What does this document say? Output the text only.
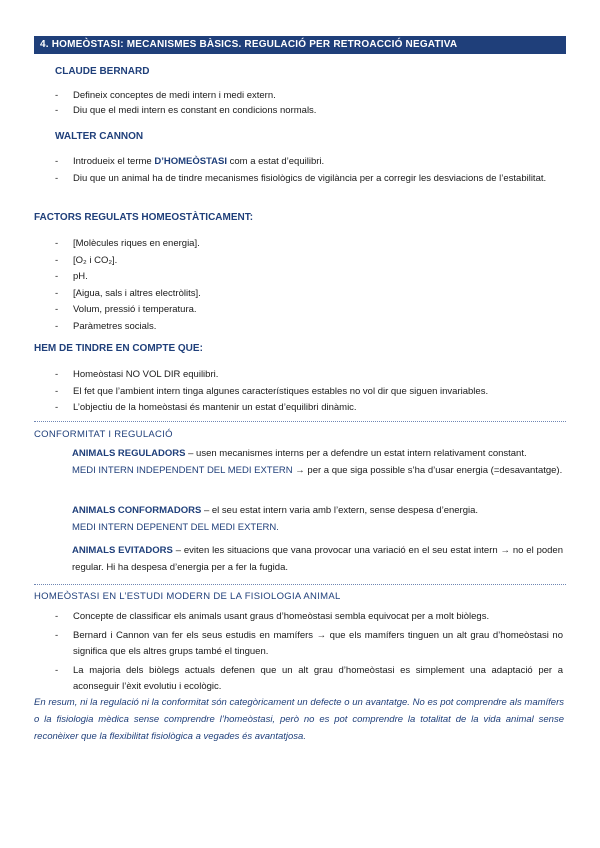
4. HOMEÒSTASI: MECANISMES BÀSICS. REGULACIÓ PER RETROACCIÓ NEGATIVA
CLAUDE BERNARD
- Defineix conceptes de medi intern i medi extern.
- Diu que el medi intern es constant en condicions normals.
WALTER CANNON
- Introdueix el terme D’HOMEÒSTASI com a estat d’equilibri.
- Diu que un animal ha de tindre mecanismes fisiològics de vigilància per a corregir les desviacions de l’estabilitat.
FACTORS REGULATS HOMEOSTÀTICAMENT:
- [Molècules riques en energia].
- [O₂ i CO₂].
- pH.
- [Aigua, sals i altres electròlits].
- Volum, pressió i temperatura.
- Paràmetres socials.
HEM DE TINDRE EN COMPTE QUE:
- Homeòstasi NO VOL DIR equilibri.
- El fet que l’ambient intern tinga algunes característiques estables no vol dir que siguen invariables.
- L’objectiu de la homeòstasi és mantenir un estat d’equilibri dinàmic.
CONFORMITAT I REGULACIÓ
ANIMALS REGULADORS – usen mecanismes interns per a defendre un estat intern relativament constant.
MEDI INTERN INDEPENDENT DEL MEDI EXTERN → per a que siga possible s’ha d’usar energia (=desavantatge).
ANIMALS CONFORMADORS – el seu estat intern varia amb l’extern, sense despesa d’energia.
MEDI INTERN DEPENENT DEL MEDI EXTERN.
ANIMALS EVITADORS – eviten les situacions que vana provocar una variació en el seu estat intern → no el poden regular. Hi ha despesa d’energia per a fer la fugida.
HOMEÒSTASI EN L’ESTUDI MODERN DE LA FISIOLOGIA ANIMAL
- Concepte de classificar els animals usant graus d’homeòstasi sembla equivocat per a molt biòlegs.
- Bernard i Cannon van fer els seus estudis en mamífers → que els mamífers tinguen un alt grau d’homeòstasi no significa que els altres grups també el tinguen.
- La majoria dels biòlegs actuals defenen que un alt grau d’homeòstasi es simplement una adaptació per a aconseguir l’èxit evolutiu i ecològic.
En resum, ni la regulació ni la conformitat són categòricament un defecte o un avantatge. No es pot comprendre als mamífers o la fisiologia mèdica sense comprendre l’homeòstasi, però no es pot comprendre la totalitat de la vida animal sense reconèixer que la flexibilitat fisiològica a vegades és avantatjosa.
